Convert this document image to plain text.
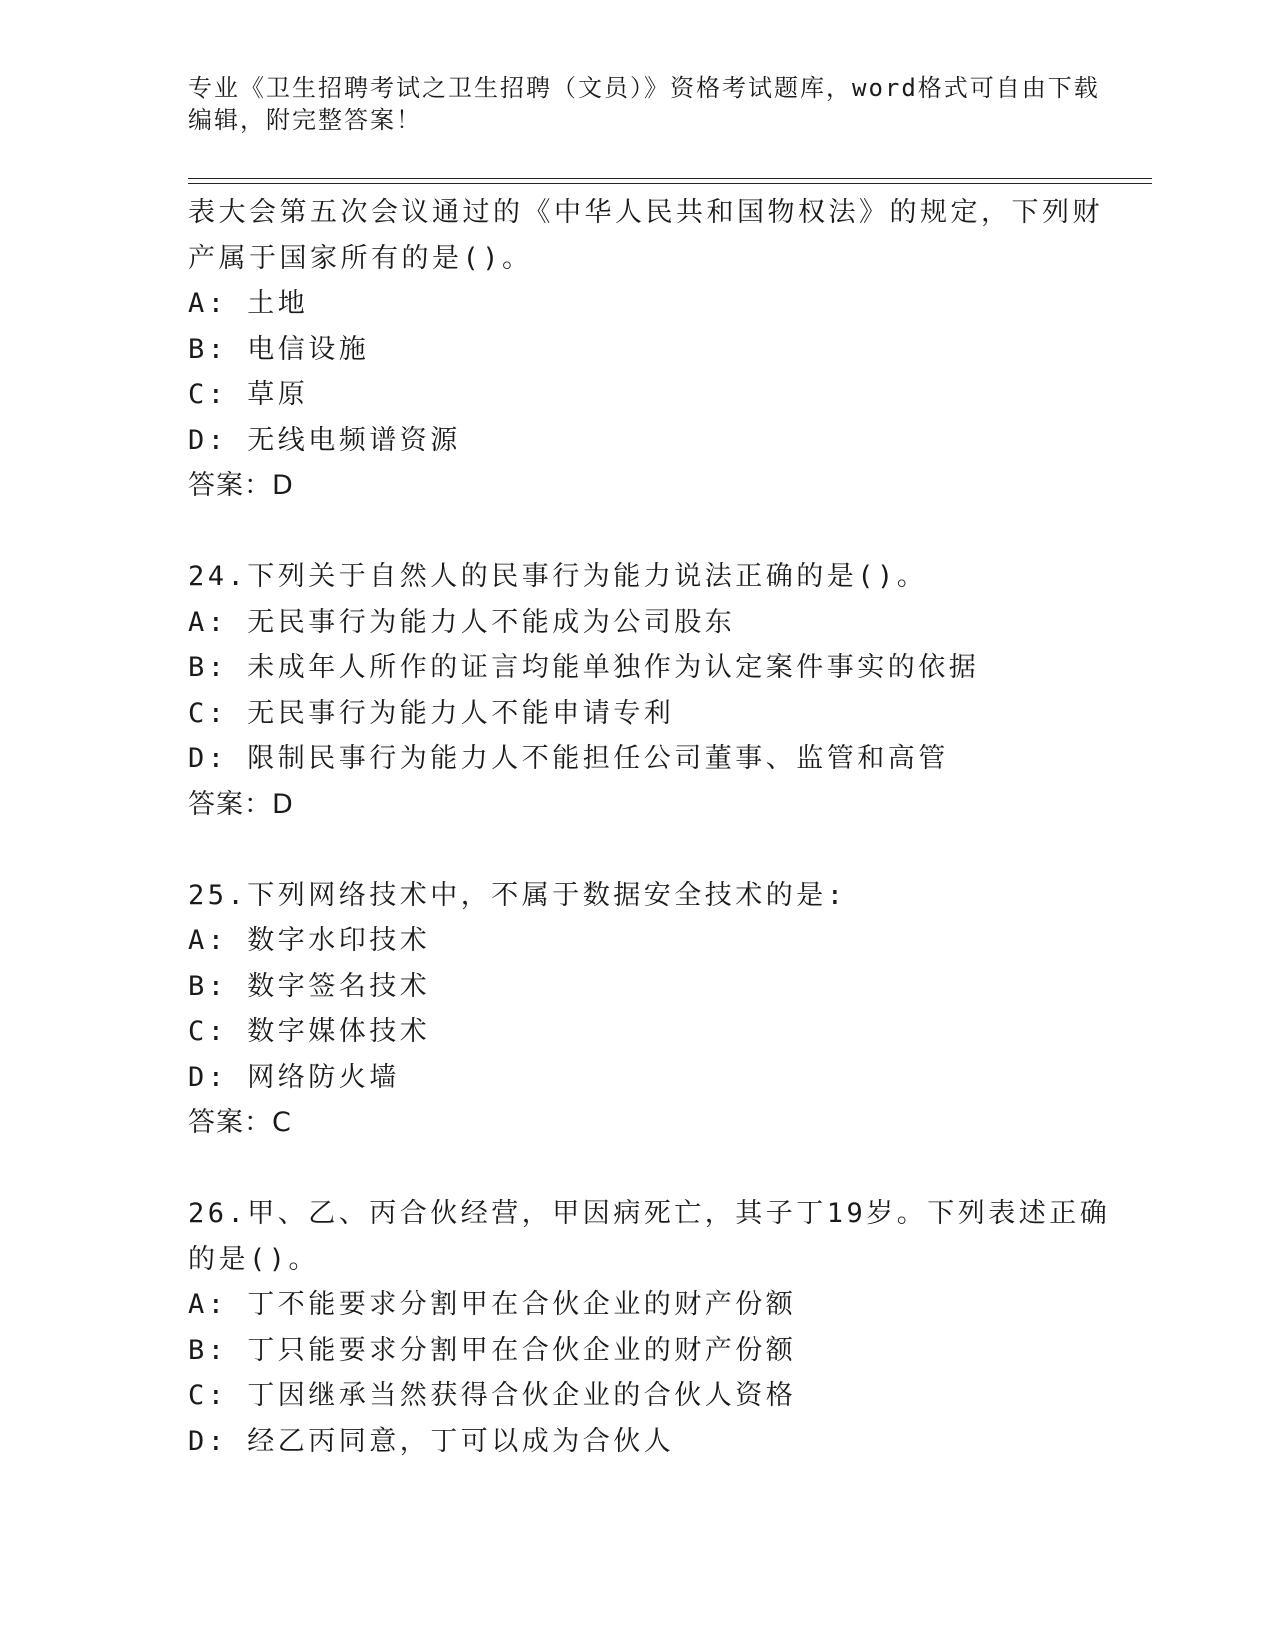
专业《卫生招聘考试之卫生招聘（文员）》资格考试题库，word格式可自由下载
编辑，附完整答案！
表大会第五次会议通过的《中华人民共和国物权法》的规定，下列财
产属于国家所有的是()。
A: 土地
B: 电信设施
C: 草原
D: 无线电频谱资源
答案：D
24.下列关于自然人的民事行为能力说法正确的是()。
A: 无民事行为能力人不能成为公司股东
B: 未成年人所作的证言均能单独作为认定案件事实的依据
C: 无民事行为能力人不能申请专利
D: 限制民事行为能力人不能担任公司董事、监管和高管
答案：D
25.下列网络技术中，不属于数据安全技术的是:
A: 数字水印技术
B: 数字签名技术
C: 数字媒体技术
D: 网络防火墙
答案：C
26.甲、乙、丙合伙经营，甲因病死亡，其子丁19岁。下列表述正确
的是()。
A: 丁不能要求分割甲在合伙企业的财产份额
B: 丁只能要求分割甲在合伙企业的财产份额
C: 丁因继承当然获得合伙企业的合伙人资格
D: 经乙丙同意，丁可以成为合伙人
